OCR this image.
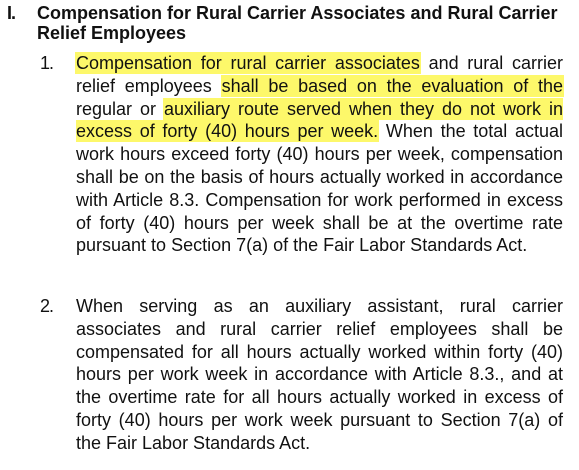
I. Compensation for Rural Carrier Associates and Rural Carrier Relief Employees
1. Compensation for rural carrier associates and rural carrier relief employees shall be based on the evaluation of the regular or auxiliary route served when they do not work in excess of forty (40) hours per week. When the total actual work hours exceed forty (40) hours per week, compensation shall be on the basis of hours actually worked in accordance with Article 8.3. Compensation for work performed in excess of forty (40) hours per week shall be at the overtime rate pursuant to Section 7(a) of the Fair Labor Standards Act.

2. When serving as an auxiliary assistant, rural carrier associates and rural carrier relief employees shall be compensated for all hours actually worked within forty (40) hours per work week in accordance with Article 8.3., and at the overtime rate for all hours actually worked in excess of forty (40) hours per work week pursuant to Section 7(a) of the Fair Labor Standards Act.
